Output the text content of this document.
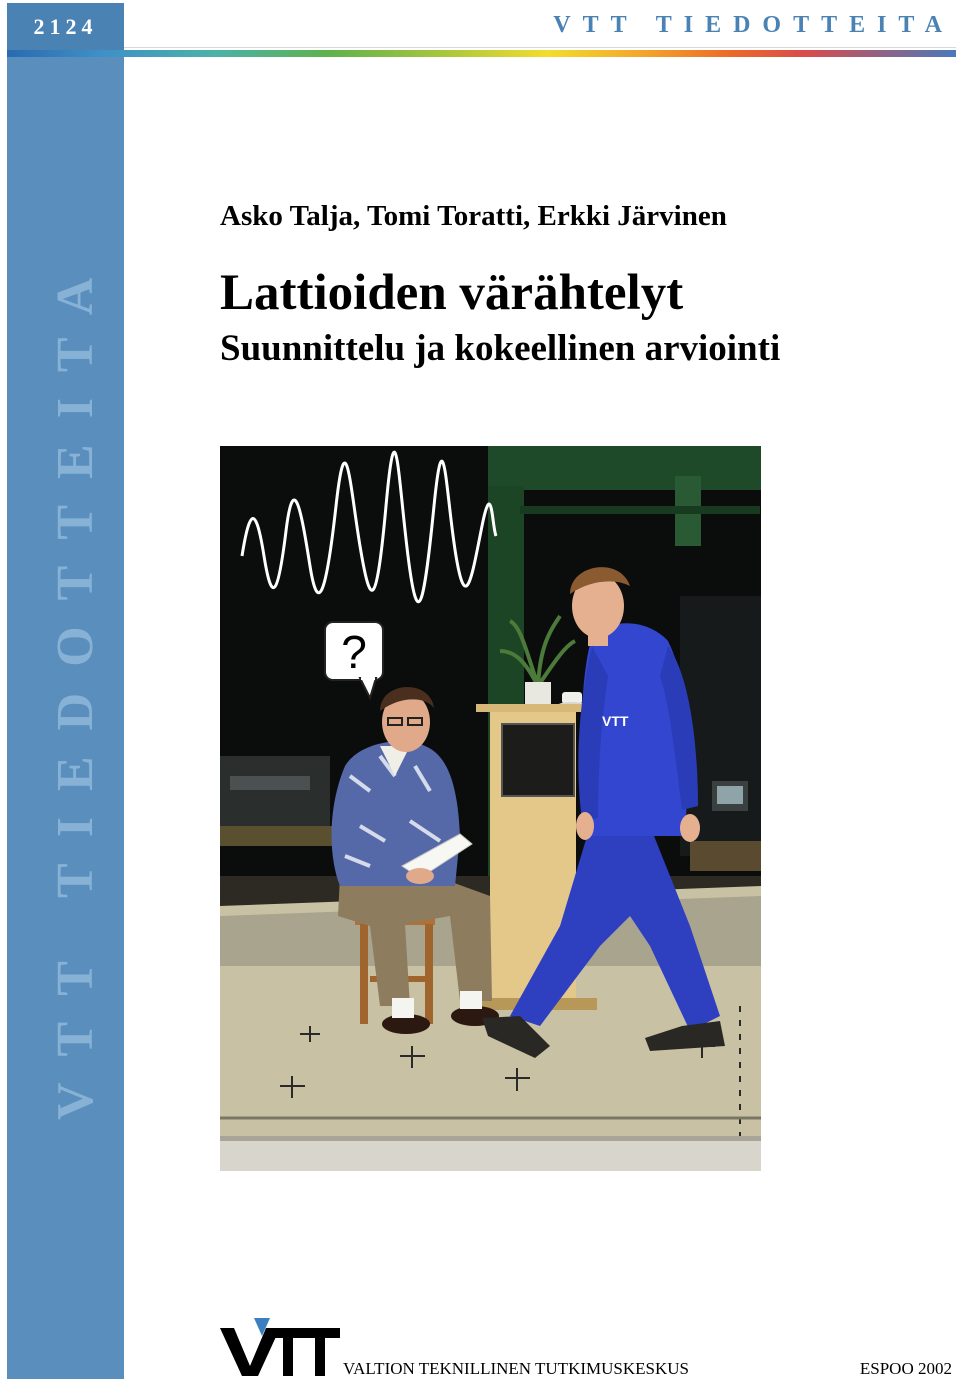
2124	VTT TIEDOTTEITA
VTT TIEDOTTEITA
Asko Talja, Tomi Toratti, Erkki Järvinen
Lattioiden värähtelyt
Suunnittelu ja kokeellinen arviointi
?
VTT
VALTION TEKNILLINEN TUTKIMUSKESKUS	ESPOO 2002
